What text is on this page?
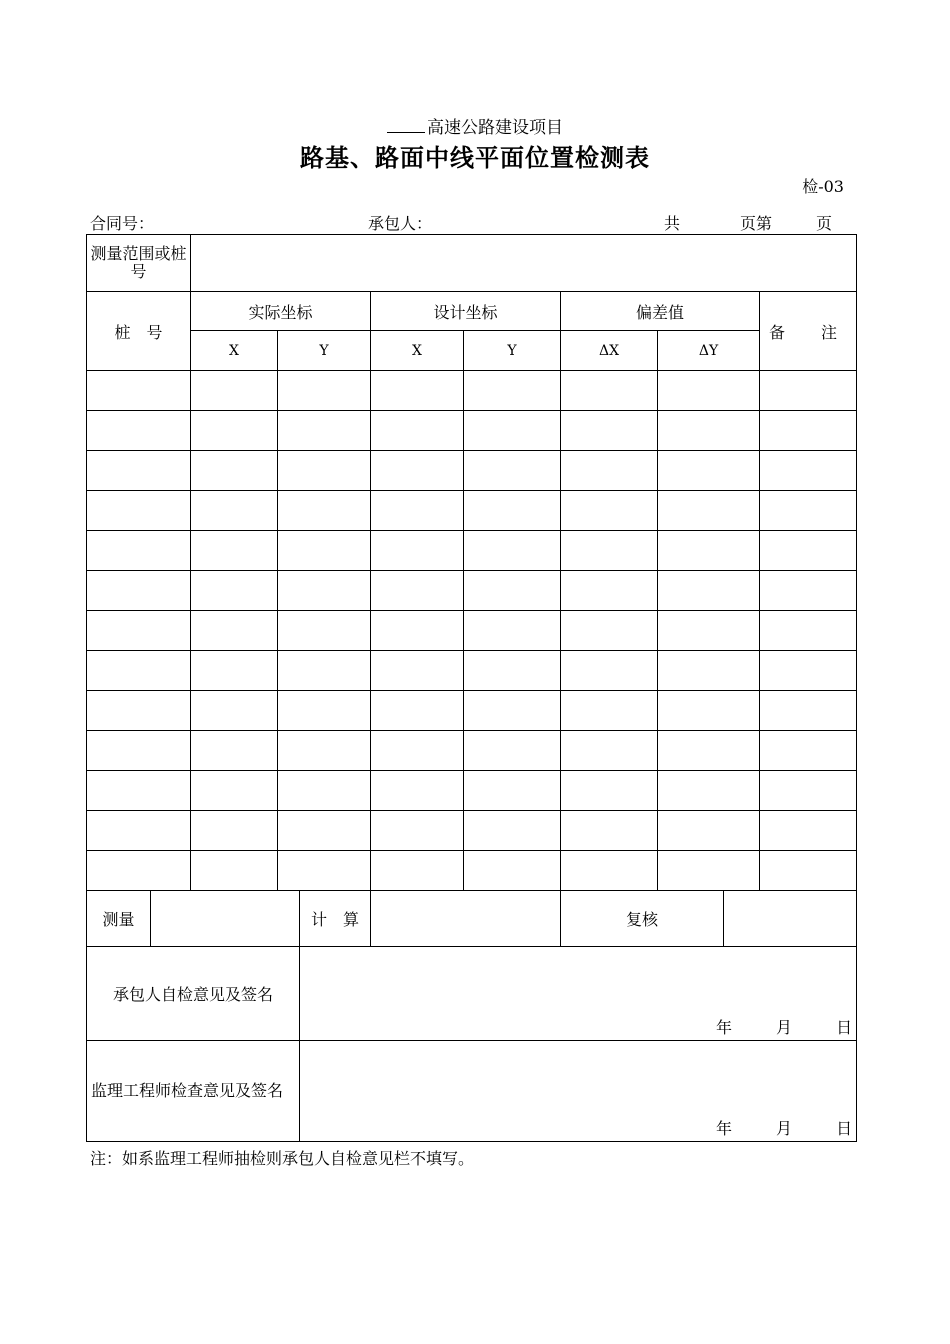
高速公路建设项目
路基、路面中线平面位置检测表
检-03
合同号：	承包人：	共	页第	页
测量范围或桩号										
桩　号		实际坐标			设计坐标		偏差值			备　注
		X	Y		X	Y	ΔX	ΔY		

测量				计　算			复核			
承包人自检意见及签名				年 月 日						

监理工程师检查意见及签名				年 月 日						
注：如系监理工程师抽检则承包人自检意见栏不填写。
